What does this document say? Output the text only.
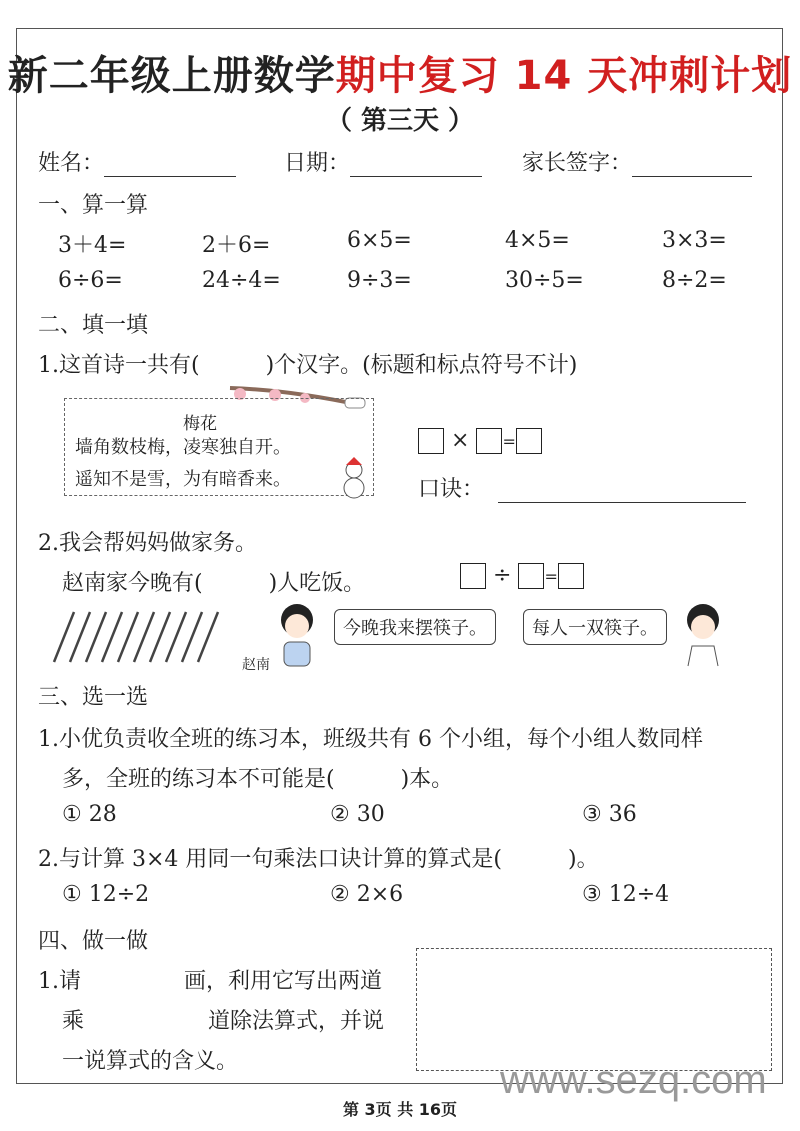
新二年级上册数学期中复习 14 天冲刺计划
（ 第三天 ）
姓名：	日期：	家长签字：
一、算一算
3＋4=	2＋6=	6×5=	4×5=	3×3=
6÷6=	24÷4=	9÷3=	30÷5=	8÷2=
二、填一填
1.这首诗一共有(　　　)个汉字。(标题和标点符号不计)
梅花
墙角数枝梅，凌寒独自开。
遥知不是雪，为有暗香来。
× =
口诀：
2.我会帮妈妈做家务。
赵南家今晚有(　　　)人吃饭。	÷ =
赵南
今晚我来摆筷子。	每人一双筷子。
三、选一选
1.小优负责收全班的练习本，班级共有 6 个小组，每个小组人数同样
多，全班的练习本不可能是(　　　)本。
① 28	② 30	③ 36
2.与计算 3×4 用同一句乘法口诀计算的算式是(　　　)。
① 12÷2	② 2×6	③ 12÷4
四、做一做
1.请	画，利用它写出两道
乘	道除法算式，并说
一说算式的含义。	www.sezq.com
第 3页 共 16页
